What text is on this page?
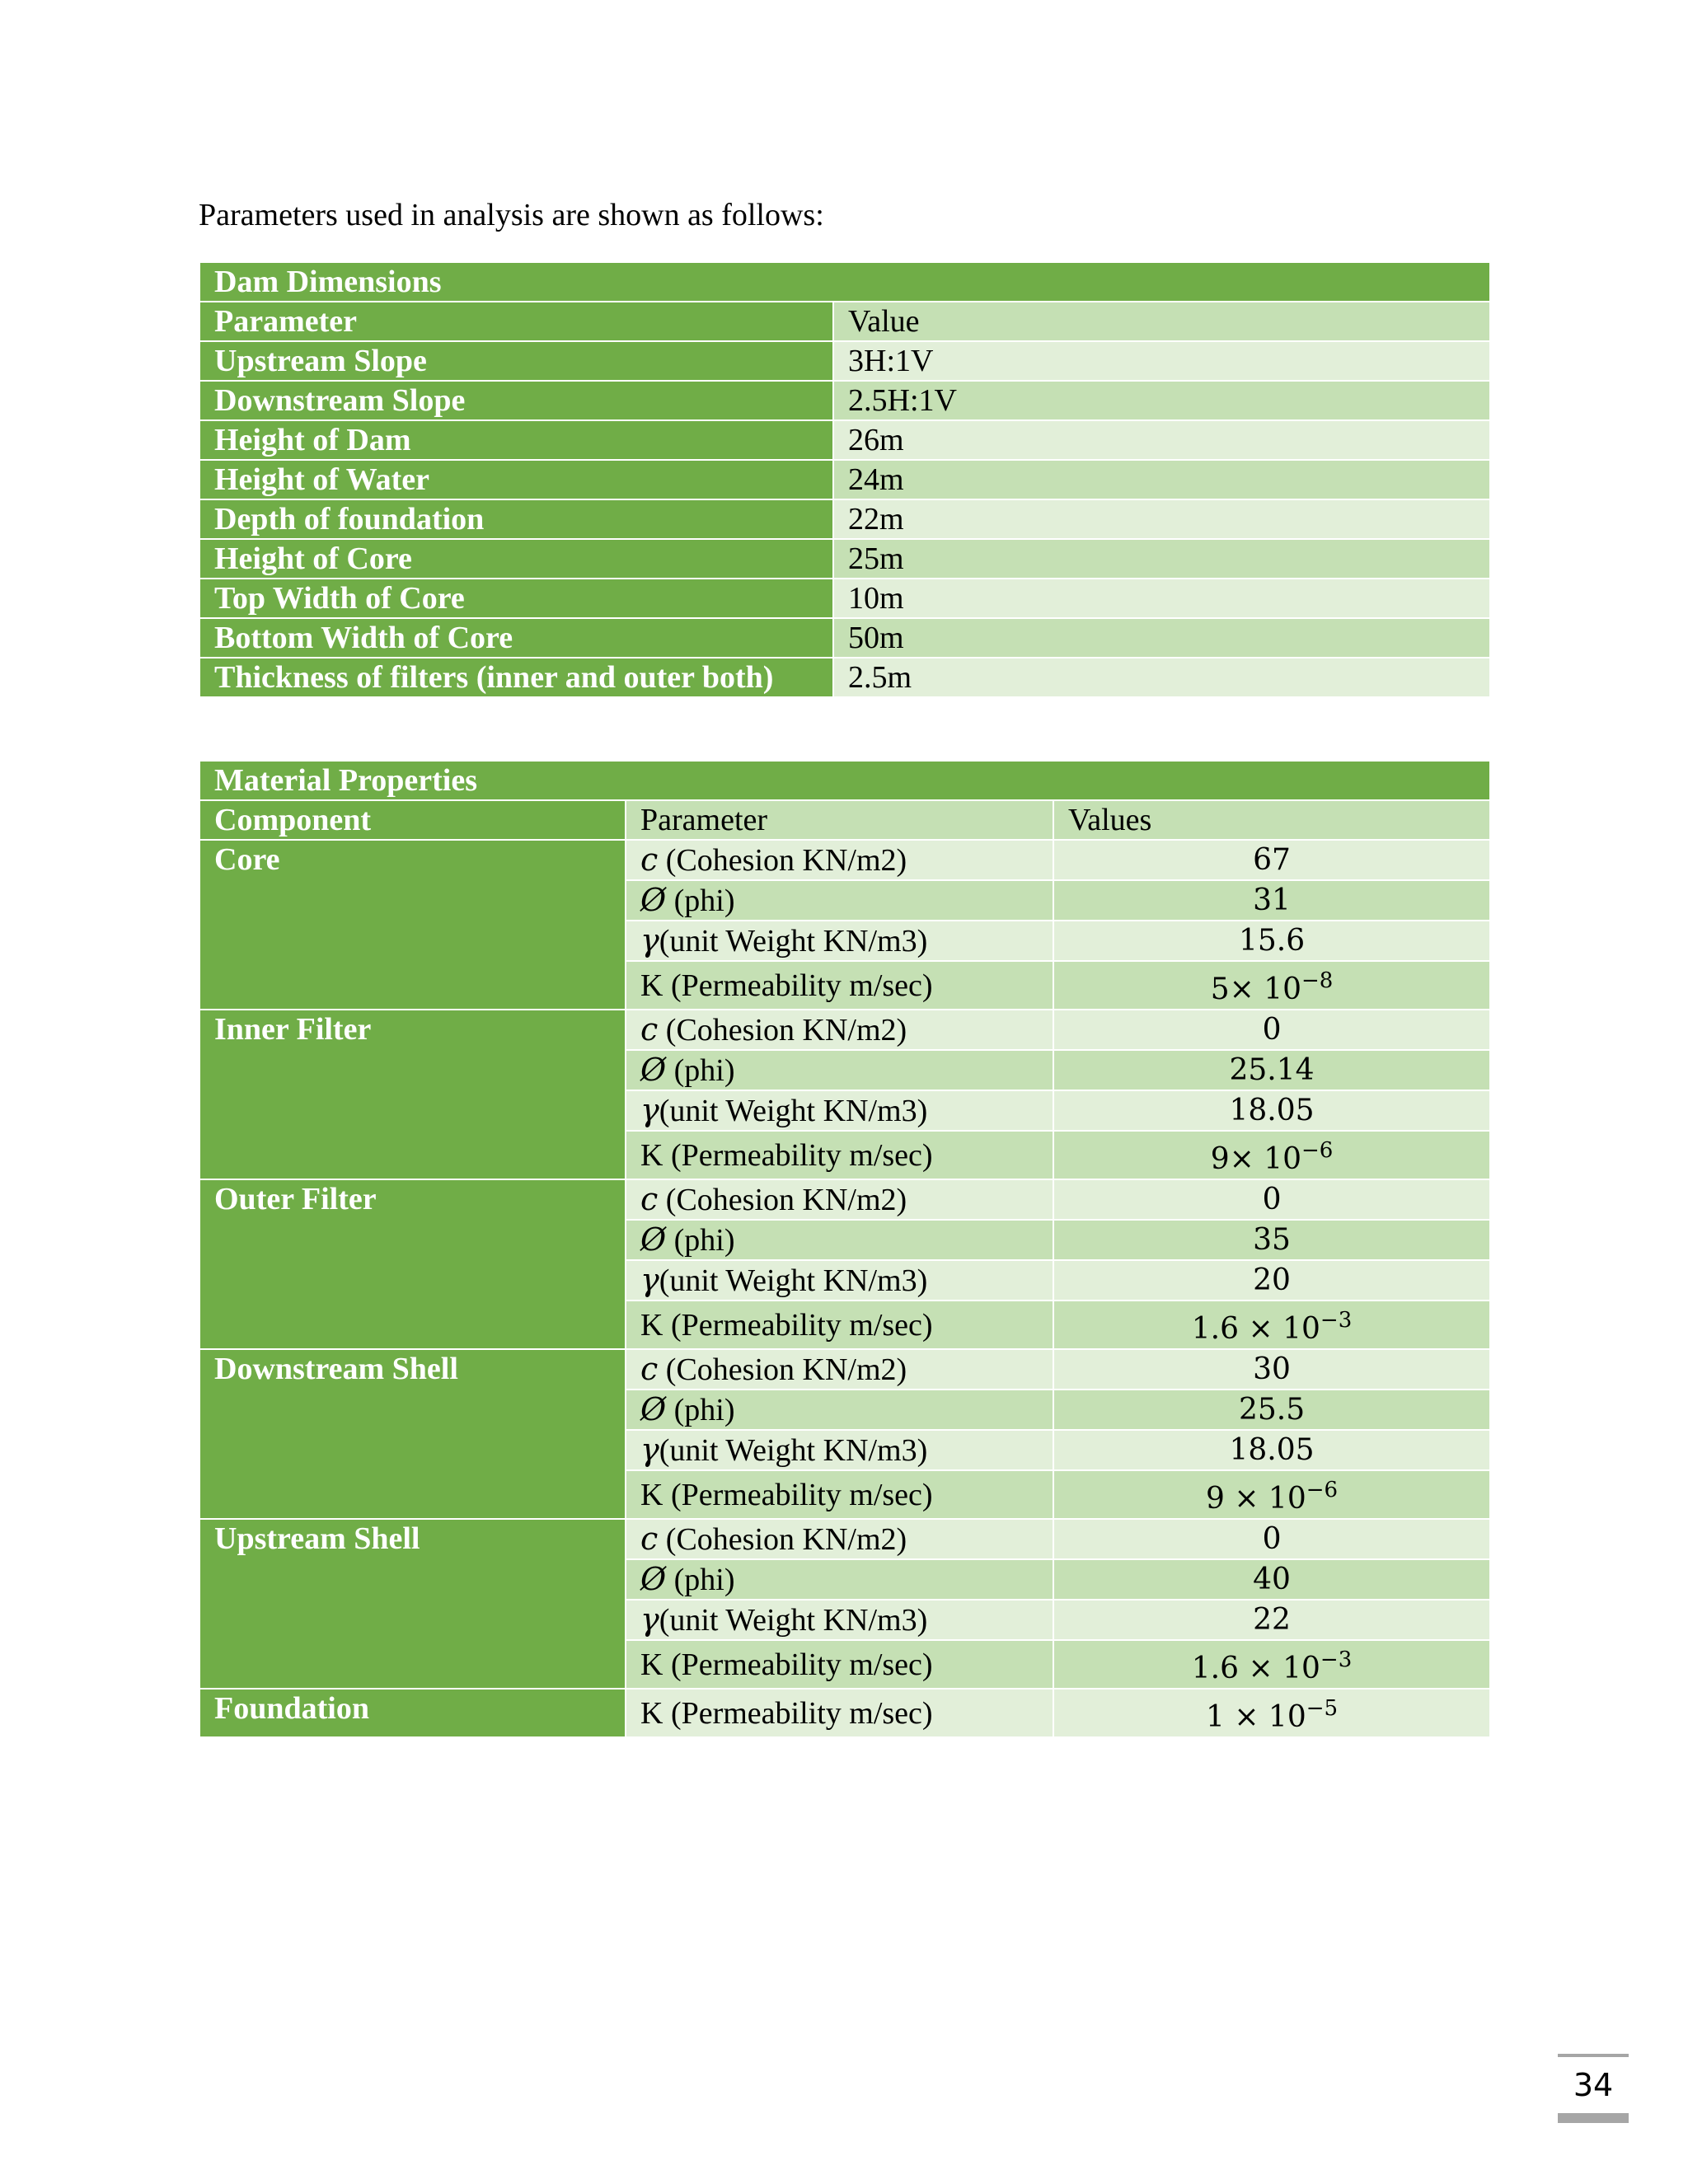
Parameters used in analysis are shown as follows:

Dam Dimensions	
Parameter	Value
Upstream Slope	3H:1V
Downstream Slope	2.5H:1V
Height of Dam	26m
Height of Water	24m
Depth of foundation	22m
Height of Core	25m
Top Width of Core	10m
Bottom Width of Core	50m
Thickness of filters (inner and outer both)	2.5m
Material Properties		
Component	Parameter	Values
Core	c (Cohesion KN/m2)	67
	Ø (phi)	31
	γ(unit Weight KN/m3)	15.6
	K (Permeability m/sec)	$5\times 10^{-8}$
Inner Filter	c (Cohesion KN/m2)	0
	Ø (phi)	25.14
	γ(unit Weight KN/m3)	18.05
	K (Permeability m/sec)	$9\times 10^{-6}$
Outer Filter	c (Cohesion KN/m2)	0
	Ø (phi)	35
	γ(unit Weight KN/m3)	20
	K (Permeability m/sec)	$1.6 \times 10^{-3}$
Downstream Shell	c (Cohesion KN/m2)	30
	Ø (phi)	25.5
	γ(unit Weight KN/m3)	18.05
	K (Permeability m/sec)	$9 \times 10^{-6}$
Upstream Shell	c (Cohesion KN/m2)	0
	Ø (phi)	40
	γ(unit Weight KN/m3)	22
	K (Permeability m/sec)	$1.6 \times 10^{-3}$
Foundation	K (Permeability m/sec)	$1 \times 10^{-5}$
34
